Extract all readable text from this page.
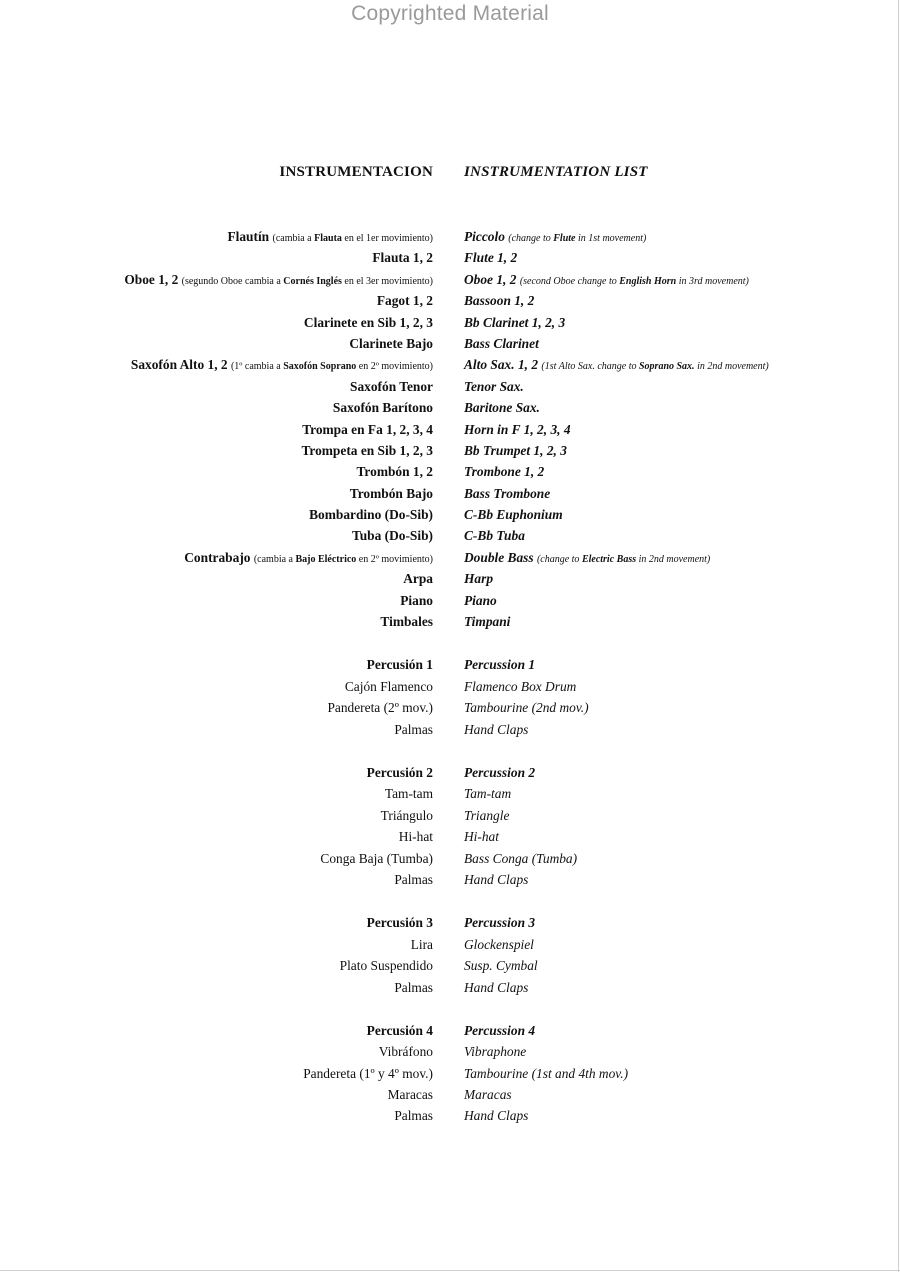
Copyrighted Material
INSTRUMENTACION	INSTRUMENTATION LIST
Flautín (cambia a Flauta en el 1er movimiento)	Piccolo (change to Flute in 1st movement)
Flauta 1, 2	Flute 1, 2
Oboe 1, 2 (segundo Oboe cambia a Cornés Inglés en el 3er movimiento)	Oboe 1, 2 (second Oboe change to English Horn in 3rd movement)
Fagot 1, 2	Bassoon 1, 2
Clarinete en Sib 1, 2, 3	Bb Clarinet 1, 2, 3
Clarinete Bajo	Bass Clarinet
Saxofón Alto 1, 2 (1º cambia a Saxofón Soprano en 2º movimiento)	Alto Sax. 1, 2 (1st Alto Sax. change to Soprano Sax. in 2nd movement)
Saxofón Tenor	Tenor Sax.
Saxofón Barítono	Baritone Sax.
Trompa en Fa 1, 2, 3, 4	Horn in F 1, 2, 3, 4
Trompeta en Sib 1, 2, 3	Bb Trumpet 1, 2, 3
Trombón 1, 2	Trombone 1, 2
Trombón Bajo	Bass Trombone
Bombardino (Do-Sib)	C-Bb Euphonium
Tuba (Do-Sib)	C-Bb Tuba
Contrabajo (cambia a Bajo Eléctrico en 2º movimiento)	Double Bass (change to Electric Bass in 2nd movement)
Arpa	Harp
Piano	Piano
Timbales	Timpani
Percusión 1	Percussion 1
Cajón Flamenco	Flamenco Box Drum
Pandereta (2º mov.)	Tambourine (2nd mov.)
Palmas	Hand Claps
Percusión 2	Percussion 2
Tam-tam	Tam-tam
Triángulo	Triangle
Hi-hat	Hi-hat
Conga Baja (Tumba)	Bass Conga (Tumba)
Palmas	Hand Claps
Percusión 3	Percussion 3
Lira	Glockenspiel
Plato Suspendido	Susp. Cymbal
Palmas	Hand Claps
Percusión 4	Percussion 4
Vibráfono	Vibraphone
Pandereta (1º y 4º mov.)	Tambourine (1st and 4th mov.)
Maracas	Maracas
Palmas	Hand Claps
